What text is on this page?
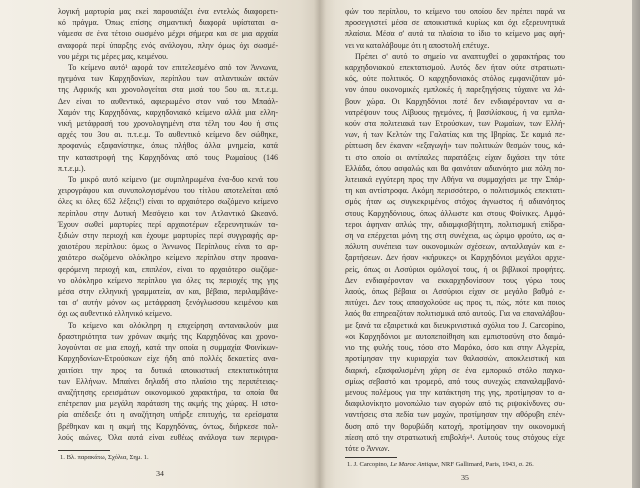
λογική μαρτυρία μας εκεί παρουσιάζει ένα εντελώς διαφορετι-
κό πράγμα. Όπως επίσης σημαντική διαφορά υφίσταται α-
νάμεσα σε ένα τέτοιο σωσμένο μέχρι σήμερα και σε μια αρχαία
αναφορά περί ύπαρξης ενός ανάλογου, πλην όμως όχι σωσμέ-
νου μέχρι τις μέρες μας, κειμένου.
Το κείμενο αυτό¹ αφορά τον επιτελεσμένο από τον Άννωνα,
ηγεμόνα των Καρχηδονίων, περίπλου των ατλαντικών ακτών
της Αφρικής και χρονολογείται στα μισά του 5ου αι. π.τ.ε.μ.
Δεν είναι το αυθεντικό, αφιερωμένο στον ναό του Μπαάλ-
Χαμόν της Καρχηδόνας, καρχηδονιακό κείμενο αλλά μια ελλη-
νική μετάφρασή του χρονολογημένη στα τέλη του 4ου ή στις
αρχές του 3ου αι. π.τ.ε.μ. Το αυθεντικό κείμενο δεν σώθηκε,
προφανώς εξαφανίστηκε, όπως πλήθος άλλα μνημεία, κατά
την καταστροφή της Καρχηδόνας από τους Ρωμαίους (146
π.τ.ε.μ.).
Το μικρό αυτό κείμενο (με συμπληρωμένα ένα-δυο κενά του
χειρογράφου και συνυπολογισμένου του τίτλου αποτελείται από
όλες κι όλες 652 λέξεις!) είναι το αρχαιότερο σωζόμενο κείμενο
περίπλου στην Δυτική Μεσόγειο και τον Ατλαντικό Ωκεανό.
Έχουν σωθεί μαρτυρίες περί αρχαιοτέρων εξερευνητικών τα-
ξιδιών στην περιοχή και έχουμε μαρτυρίες περί συγγραφής αρ-
χαιοτέρου περίπλου: όμως ο Άννωνος Περίπλους είναι το αρ-
χαιότερο σωζόμενο ολόκληρο κείμενο περίπλου στην προανα-
φερόμενη περιοχή και, επιπλέον, είναι το αρχαιότερο σωζόμε-
νο ολόκληρο κείμενο περίπλου για όλες τις περιοχές της γης
μέσα στην ελληνική γραμματεία, αν και, βέβαια, περιλαμβάνε-
ται σ' αυτήν μόνον ως μετάφραση ξενόγλωσσου κειμένου και
όχι ως αυθεντικό ελληνικό κείμενο.
Το κείμενο και ολόκληρη η επιχείρηση αντανακλούν μια
δραστηριότητα των χρόνων ακμής της Καρχηδόνας και χρονο-
λογούνται σε μια εποχή, κατά την οποία η συμμαχία Φοινίκων-
Καρχηδονίων-Ετρούσκων είχε ήδη από πολλές δεκαετίες ανα-
χαιτίσει την προς τα δυτικά αποικιστική επεκτατικότητα
των Ελλήνων. Μπαίνει δηλαδή στο πλαίσιο της περιπέτειας-
αναζήτησης ερεισμάτων οικονομικού χαρακτήρα, τα οποία θα
επέτρεπαν μια μεγάλη παράταση της ακμής της χώρας. Η ιστο-
ρία απέδειξε ότι η αναζήτηση υπήρξε επιτυχής, τα ερείσματα
βρέθηκαν και η ακμή της Καρχηδόνας, όντως, διήρκεσε πολ-
λούς αιώνες. Όλα αυτά είναι ευθέως ανάλογα των περιγρα-
1. Βλ. παρακάτω, Σχόλια, Σημ. 1.
34
φών του περίπλου, το κείμενο του οποίου δεν πρέπει παρά να
προσεγγιστεί μέσα σε αποικιστικά κυρίως και όχι εξερευνητικά
πλαίσια. Μέσα σ' αυτά τα πλαίσια το ίδιο το κείμενο μας αφή-
νει να καταλάβουμε ότι η αποστολή επέτυχε.
Πρέπει σ' αυτό το σημείο να αναπτυχθεί ο χαρακτήρας του
καρχηδονιακού επεκτατισμού. Αυτός δεν ήταν ούτε στρατιωτι-
κός, ούτε πολιτικός. Ο καρχηδονιακός στόλος εμφανιζόταν μό-
νον όπου οικονομικές εμπλοκές ή παρεξηγήσεις τύχαινε να λά-
βουν χώρα. Οι Καρχηδόνιοι ποτέ δεν ενδιαφέρονταν να α-
νατρέψουν τους Λίβυους ηγεμόνες, ή βασιλίσκους, ή να εμπλα-
κούν στα πολιτειακά των Ετρούσκων, των Ρωμαίων, των Ελλή-
νων, ή των Κελτών της Γαλατίας και της Ιβηρίας. Σε καμιά πε-
ρίπτωση δεν έκαναν «εξαγωγή» των πολιτικών θεσμών τους, κά-
τι στο οποίο οι αντίπαλες παρατάξεις είχαν διχάσει την τότε
Ελλάδα, όπου ασφαλώς και θα φαινόταν αδιανόητο μια πόλη πο-
λιτειακά εγγύτερη προς την Αθήνα να συμμαχήσει με την Σπάρ-
τη και αντίστροφα. Ακόμη περισσότερο, ο πολιτισμικός επεκτατι-
σμός ήταν ως συγκεκριμένος στόχος άγνωστος ή αδιανόητος
στους Καρχηδόνιους, όπως άλλωστε και στους Φοίνικες. Αμφό-
τεροι άφηναν απλώς την, αδιαμφισβήτητη, πολιτισμική επίδρα-
ση να επέρχεται μόνη της στη συνέχεια, ως ώριμο φρούτο, ως α-
πόλυτη συνέπεια των οικονομικών σχέσεων, ανταλλαγών και ε-
ξαρτήσεων. Δεν ήσαν «κήρυκες» οι Καρχηδόνιοι μεγάλοι αρχιε-
ρείς, όπως οι Ασσύριοι ομόλογοί τους, ή οι βιβλικοί προφήτες.
Δεν ενδιαφέρονταν να εκκαρχηδονίσουν τους γύρω τους
λαούς, όπως βέβαια οι Ασσύριοι είχαν σε μεγάλο βαθμό ε-
πιτύχει. Δεν τους απασχολούσε ως προς τι, πώς, πότε και ποιος
λαός θα επηρεαζόταν πολιτισμικά από αυτούς. Για να επαναλάβου-
με ξανά τα εξαιρετικά και διευκρινιστικά σχόλια του J. Carcopino,
«οι Καρχηδόνιοι με αυτοπεποίθηση και εμπιστοσύνη στο δαιμό-
νιο της φυλής τους, τόσο στο Μαρόκο, όσο και στην Αλγερία,
προτίμησαν την κυριαρχία των θαλασσών, αποκλειστική και
διαρκή, εξασφαλισμένη χάρη σε ένα εμπορικό στόλο παγκο-
σμίως σεβαστό και τρομερό, από τους συνεχώς επαναλαμβανό-
μενους πολέμους για την κατάκτηση της γης, προτίμησαν το α-
διαφιλονίκητο μονοπώλιο των αγορών από τις ριψοκίνδυνες συ-
ναντήσεις στα πεδία των μαχών, προτίμησαν την αθόρυβη επέν-
δυση από την θορυβώδη κατοχή, προτίμησαν την οικονομική
πίεση από την στρατιωτική επιβολή»¹. Αυτούς τους στόχους είχε
τότε ο Άννων.
1. J. Carcopino, Le Maroc Antique, NRF Gallimard, Paris, 1943, σ. 26.
35
